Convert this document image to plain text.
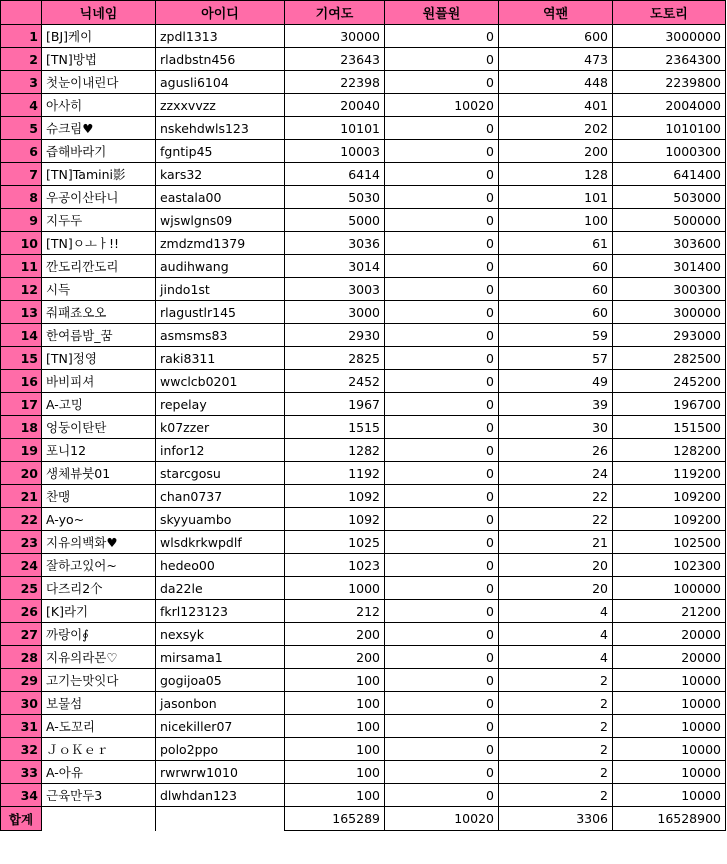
	닉네임	아이디	기여도	원플원	역팬	도토리
1	[BJ]케이	zpdl1313	30000	0	600	3000000
2	[TN]방법	rladbstn456	23643	0	473	2364300
3	첫눈이내린다	agusli6104	22398	0	448	2239800
4	아사히	zzxxvvzz	20040	10020	401	2004000
5	슈크림♥	nskehdwls123	10101	0	202	1010100
6	즙해바라기	fgntip45	10003	0	200	1000300
7	[TN]Tamini影	kars32	6414	0	128	641400
8	우공이산타니	eastala00	5030	0	101	503000
9	지두두	wjswlgns09	5000	0	100	500000
10	[TN]ㅇㅗㅏ!!	zmdzmd1379	3036	0	61	303600
11	깐도리깐도리	audihwang	3014	0	60	301400
12	시득	jindo1st	3003	0	60	300300
13	줘패죠오오	rlagustlr145	3000	0	60	300000
14	한여름밤_꿈	asmsms83	2930	0	59	293000
15	[TN]정영	raki8311	2825	0	57	282500
16	바비피셔	wwclcb0201	2452	0	49	245200
17	A-고밍	repelay	1967	0	39	196700
18	엉둥이탄탄	k07zzer	1515	0	30	151500
19	포니12	infor12	1282	0	26	128200
20	생체뷰붓01	starcgosu	1192	0	24	119200
21	찬맹	chan0737	1092	0	22	109200
22	A-yo~	skyyuambo	1092	0	22	109200
23	지유의백화♥	wlsdkrkwpdlf	1025	0	21	102500
24	잘하고있어~	hedeo00	1023	0	20	102300
25	다즈리2个	da22le	1000	0	20	100000
26	[K]라기	fkrl123123	212	0	4	21200
27	까랑이∮	nexsyk	200	0	4	20000
28	지유의라몬♡	mirsama1	200	0	4	20000
29	고기는맛잇다	gogijoa05	100	0	2	10000
30	보물섬	jasonbon	100	0	2	10000
31	A-도꼬리	nicekiller07	100	0	2	10000
32	ＪｏＫｅｒ	polo2ppo	100	0	2	10000
33	A-아유	rwrwrw1010	100	0	2	10000
34	근육만두3	dlwhdan123	100	0	2	10000
합계			165289	10020	3306	16528900
